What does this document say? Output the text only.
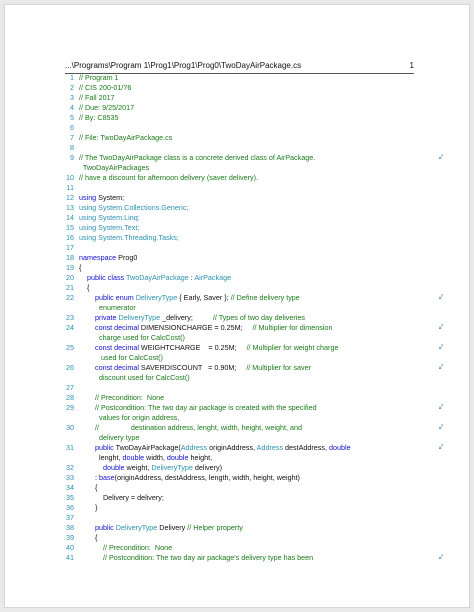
...\Programs\Program 1\Prog1\Prog1\Prog0\TwoDayAirPackage.cs	1
1 // Program 1
2 // CIS 200-01/76
3 // Fall 2017
4 // Due: 9/25/2017
5 // By: C8535
6
7 // File: TwoDayAirPackage.cs
8
9 // The TwoDayAirPackage class is a concrete derived class of AirPackage.	⤦
TwoDayAirPackages
10 // have a discount for afternoon delivery (saver delivery).
11
12 using System;
13 using System.Collections.Generic;
14 using System.Linq;
15 using System.Text;
16 using System.Threading.Tasks;
17
18 namespace Prog0
19 {
20 public class TwoDayAirPackage : AirPackage
21 {
22 public enum DeliveryType { Early, Saver }; // Define delivery type	⤦
enumerator
23 private DeliveryType _delivery;          // Types of two day deliveries
24 const decimal DIMENSIONCHARGE = 0.25M;     // Multiplier for dimension	⤦
charge used for CalcCost()
25 const decimal WEIGHTCHARGE    = 0.25M;     // Multiplier for weight charge	⤦
used for CalcCost()
26 const decimal SAVERDISCOUNT   = 0.90M;     // Multiplier for saver	⤦
discount used for CalcCost()
27
28 // Precondition:  None
29 // Postcondition: The two day air package is created with the specified	⤦
values for origin address,
30 //                destination address, lenght, width, height, weight, and	⤦
delivery type
31 public TwoDayAirPackage(Address originAddress, Address destAddress, double	⤦
lenght, double width, double height,
32 double weight, DeliveryType delivery)
33 : base(originAddress, destAddress, length, width, height, weight)
34 {
35 Delivery = delivery;
36 }
37
38 public DeliveryType Delivery // Helper property
39 {
40 // Precondition:  None
41 // Postcondition: The two day air package's delivery type has been	⤦
